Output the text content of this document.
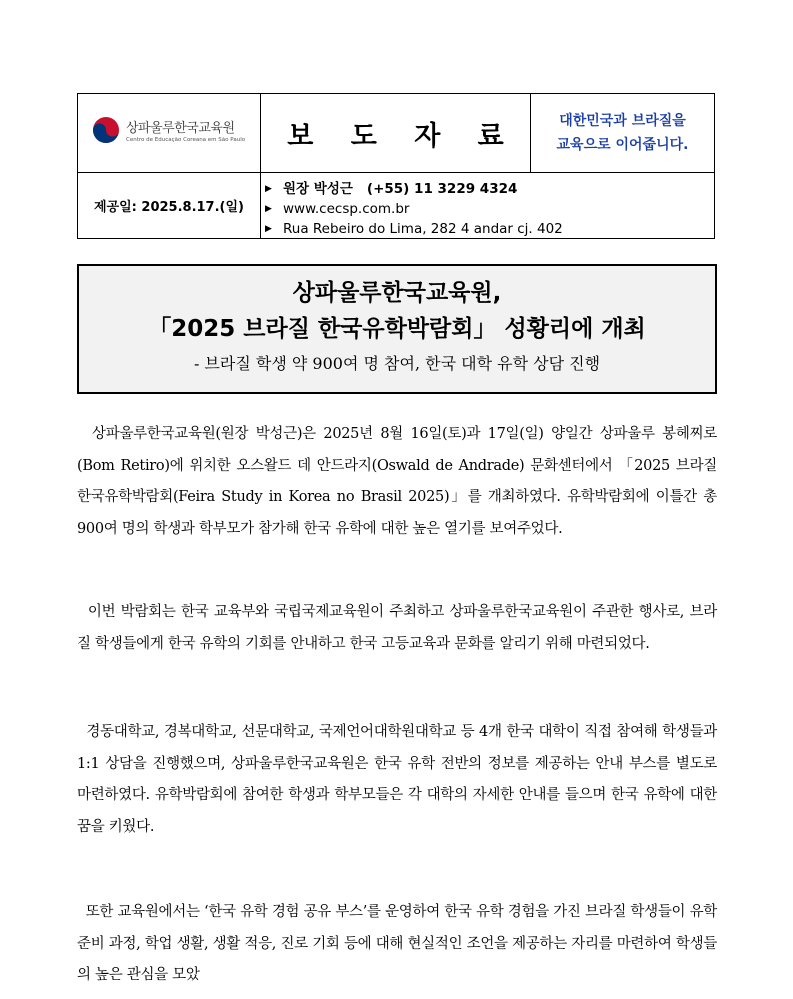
상파울루한국교육원
Centro de Educação Coreana em São Paulo	보 도 자 료	대한민국과 브라질을
교육으로 이어줍니다.
제공일: 2025.8.17.(일)
▶ 원장 박성근 (+55) 11 3229 4324
▶ www.cecsp.com.br
▶ Rua Rebeiro do Lima, 282 4 andar cj. 402
상파울루한국교육원,
「2025 브라질 한국유학박람회」 성황리에 개최
- 브라질 학생 약 900여 명 참여, 한국 대학 유학 상담 진행
상파울루한국교육원(원장 박성근)은 2025년 8월 16일(토)과 17일(일) 양일간 상파울루 봉헤찌로(Bom Retiro)에 위치한 오스왈드 데 안드라지(Oswald de Andrade) 문화센터에서 「2025 브라질 한국유학박람회(Feira Study in Korea no Brasil 2025)」를 개최하였다. 유학박람회에 이틀간 총 900여 명의 학생과 학부모가 참가해 한국 유학에 대한 높은 열기를 보여주었다.
이번 박람회는 한국 교육부와 국립국제교육원이 주최하고 상파울루한국교육원이 주관한 행사로, 브라질 학생들에게 한국 유학의 기회를 안내하고 한국 고등교육과 문화를 알리기 위해 마련되었다.
경동대학교, 경복대학교, 선문대학교, 국제언어대학원대학교 등 4개 한국 대학이 직접 참여해 학생들과 1:1 상담을 진행했으며, 상파울루한국교육원은 한국 유학 전반의 정보를 제공하는 안내 부스를 별도로 마련하였다. 유학박람회에 참여한 학생과 학부모들은 각 대학의 자세한 안내를 들으며 한국 유학에 대한 꿈을 키웠다.
또한 교육원에서는 ‘한국 유학 경험 공유 부스’를 운영하여 한국 유학 경험을 가진 브라질 학생들이 유학 준비 과정, 학업 생활, 생활 적응, 진로 기회 등에 대해 현실적인 조언을 제공하는 자리를 마련하여 학생들의 높은 관심을 모았
